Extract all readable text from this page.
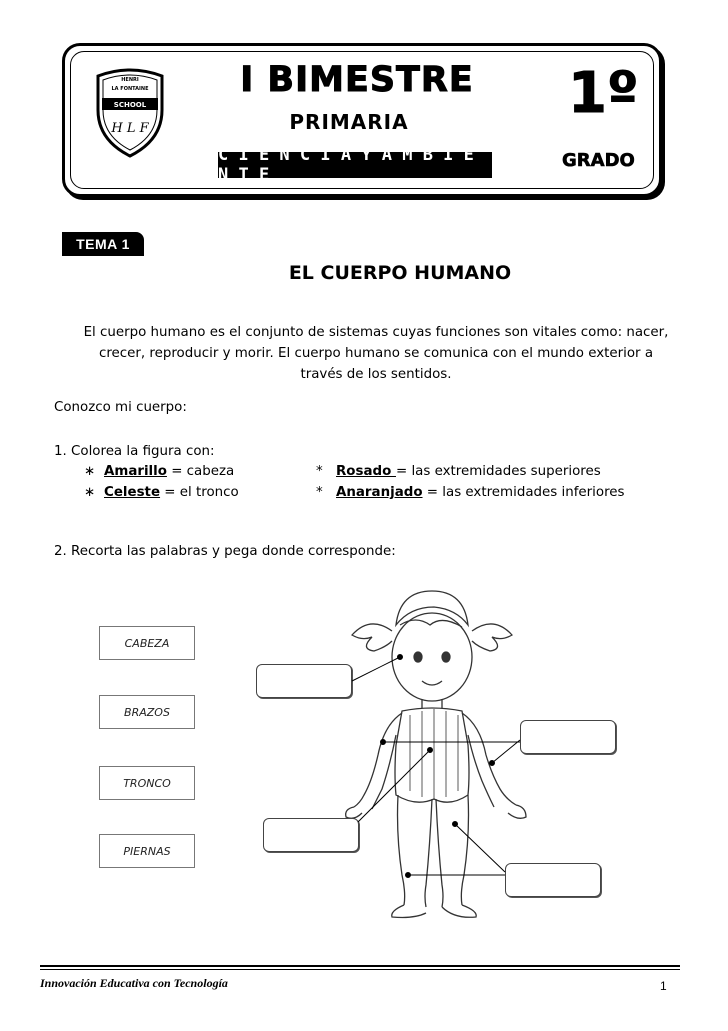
HENRI
LA FONTAINE
SCHOOL
H L F
I BIMESTRE
PRIMARIA
C I E N C I A Y A M B I E N T E
1º
GRADO
TEMA 1
EL CUERPO HUMANO
El cuerpo humano es el conjunto de sistemas cuyas funciones son vitales como: nacer, crecer, reproducir y morir. El cuerpo humano se comunica con el mundo exterior a través de los sentidos.
Conozco mi cuerpo:
1. Colorea la figura con:
∗ Amarillo = cabeza
∗ Celeste = el tronco
* Rosado = las extremidades superiores
* Anaranjado = las extremidades inferiores
2. Recorta las palabras y pega donde corresponde:
CABEZA
BRAZOS
TRONCO
PIERNAS
Innovación Educativa con Tecnología	1
